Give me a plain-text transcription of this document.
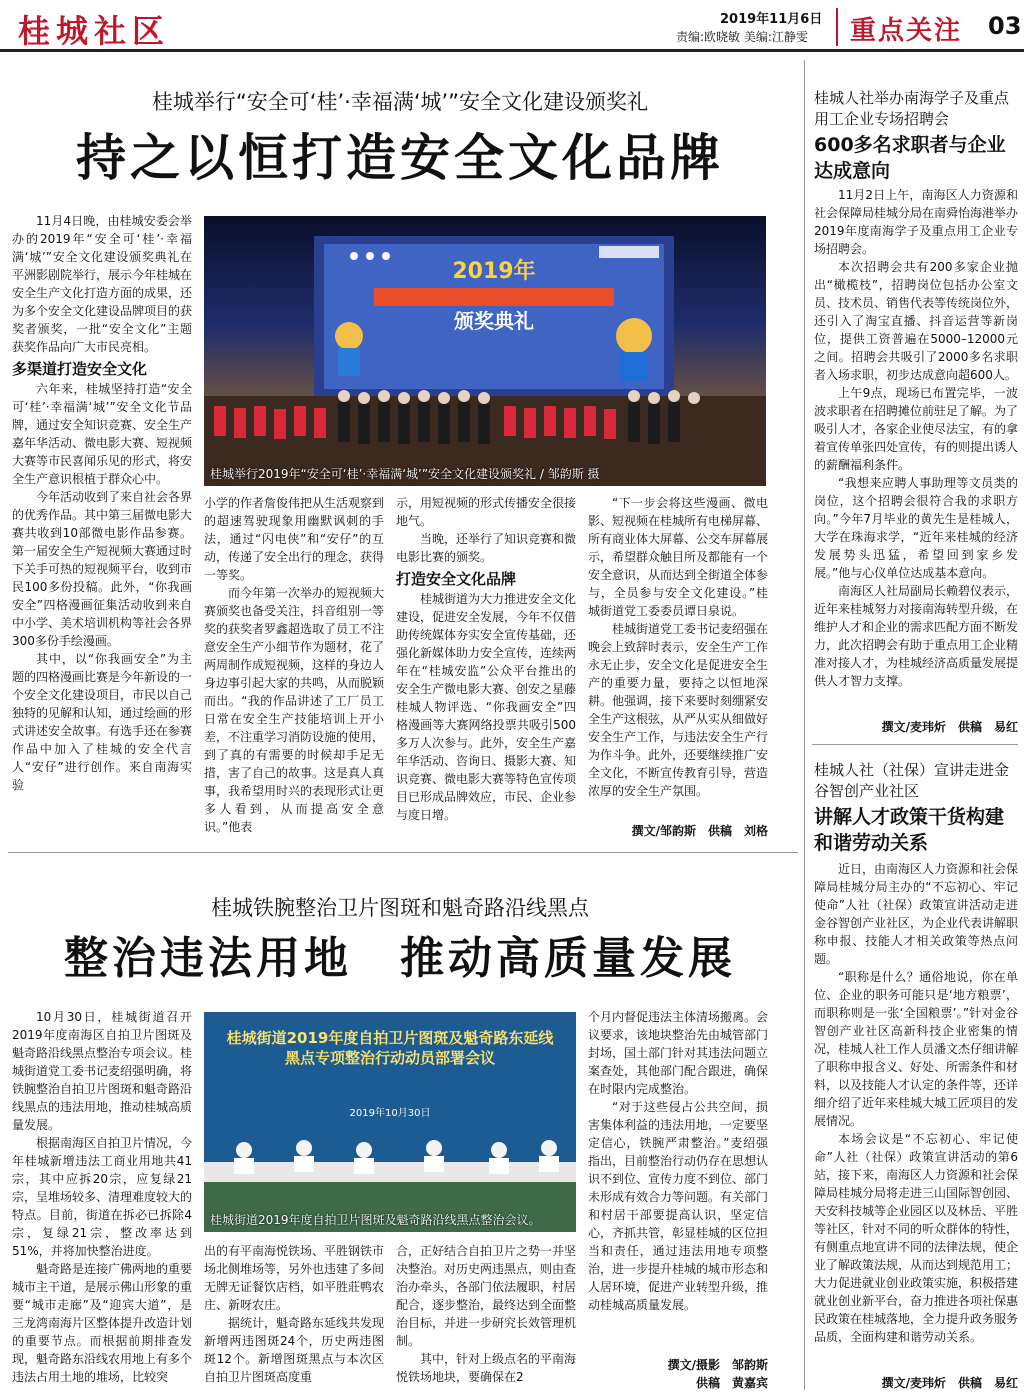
桂城社区	2019年11月6日
责编:欧晓敏 美编:江静雯 重点关注 03
桂城举行“安全可‘桂’·幸福满‘城’”安全文化建设颁奖礼
持之以恒打造安全文化品牌

11月4日晚，由桂城安委会举办的2019年“安全可‘桂’·幸福满‘城’”安全文化建设颁奖典礼在平洲影剧院举行，展示今年桂城在安全生产文化打造方面的成果，还为多个安全文化建设品牌项目的获奖者颁奖，一批“安全文化”主题获奖作品向广大市民亮相。

多渠道打造安全文化

六年来，桂城坚持打造“安全可‘桂’·幸福满‘城’”安全文化节品牌，通过安全知识竞赛、安全生产嘉年华活动、微电影大赛、短视频大赛等市民喜闻乐见的形式，将安全生产意识根植于群众心中。

今年活动收到了来自社会各界的优秀作品。其中第三届微电影大赛共收到10部微电影作品参赛。第一届安全生产短视频大赛通过时下关手可热的短视频平台，收到市民100多份投稿。此外，“你我画安全”四格漫画征集活动收到来自中小学、美术培训机构等社会各界300多份手绘漫画。

其中，以“你我画安全”为主题的四格漫画比赛是今年新设的一个安全文化建设项目，市民以自己独特的见解和认知，通过绘画的形式讲述安全故事。有选手还在参赛作品中加入了桂城的安全代言人“安仔”进行创作。来自南海实验

2019年
颁奖典礼
桂城举行2019年“安全可‘桂’·幸福满‘城’”安全文化建设颁奖礼 / 邹韵斯 摄

小学的作者詹俊伟把从生活观察到的超速驾驶现象用幽默讽刺的手法，通过“闪电侠”和“安仔”的互动，传递了安全出行的理念，获得一等奖。

而今年第一次举办的短视频大赛颁奖也备受关注，抖音组别一等奖的获奖者罗鑫超选取了员工不注意安全生产小细节作为题材，花了两周制作成短视频，这样的身边人身边事引起大家的共鸣，从而脱颖而出。“我的作品讲述了工厂员工日常在安全生产技能培训上开小差，不注重学习消防设施的使用，到了真的有需要的时候却手足无措，害了自己的故事。这是真人真事，我希望用时兴的表现形式让更多人看到，从而提高安全意识。”他表

示，用短视频的形式传播安全很接地气。

当晚，还举行了知识竞赛和微电影比赛的颁奖。

打造安全文化品牌

桂城街道为大力推进安全文化建设，促进安全发展，今年不仅借助传统媒体夯实安全宣传基础，还强化新媒体助力安全宣传，连续两年在“桂城安监”公众平台推出的安全生产微电影大赛、创安之星藤桂城人物评选、“你我画安全”四格漫画等大赛网络投票共吸引500多万人次参与。此外，安全生产嘉年华活动、咨询日、摄影大赛、知识竞赛、微电影大赛等特色宣传项目已形成品牌效应，市民、企业参与度日增。

“下一步会将这些漫画、微电影、短视频在桂城所有电梯屏幕、所有商业体大屏幕、公交车屏幕展示，希望群众触目所及都能有一个安全意识，从而达到全街道全体参与，全员参与安全文化建设。”桂城街道党工委委员谭日泉说。

桂城街道党工委书记麦绍强在晚会上致辞时表示，安全生产工作永无止步，安全文化是促进安全生产的重要力量，要持之以恒地深耕。他强调，接下来要时刻绷紧安全生产这根弦，从严从实从细做好安全生产工作，与违法安全生产行为作斗争。此外，还要继续推广安全文化，不断宣传教育引导，营造浓厚的安全生产氛围。

撰文/邹韵斯　供稿　刘格
桂城铁腕整治卫片图斑和魁奇路沿线黑点
整治违法用地　推动高质量发展

10月30日，桂城街道召开2019年度南海区自拍卫片图斑及魁奇路沿线黑点整治专项会议。桂城街道党工委书记麦绍强明确，将铁腕整治自拍卫片图斑和魁奇路沿线黑点的违法用地，推动桂城高质量发展。

根据南海区自拍卫片情况，今年桂城新增违法工商业用地共41宗，其中应拆20宗，应复绿21宗，呈堆场较多、清理难度较大的特点。目前，街道在拆必已拆除4宗，复绿21宗，整改率达到51%，并将加快整治进度。

魁奇路是连接广佛两地的重要城市主干道，是展示佛山形象的重要“城市走廊”及“迎宾大道”，是三龙湾南海片区整体提升改造计划的重要节点。而根据前期排查发现，魁奇路东沿线农用地上有多个违法占用土地的堆场，比较突

桂城街道2019年度自拍卫片图斑及魁奇路东延线黑点专项整治行动动员部署会议
2019年10月30日
桂城街道2019年度自拍卫片图斑及魁奇路沿线黑点整治会议。

出的有平南海悦铁场、平胜钢铁市场北侧堆场等，另外也违建了多间无牌无证餐饮店档，如平胜莊鸭农庄、新呀农庄。

据统计，魁奇路东延线共发现新增两违图斑24个，历史两违图斑12个。新增图斑黑点与本次区自拍卫片图斑高度重

合，正好结合自拍卫片之势一并坚决整治。对历史两违黑点，则由查治办牵头，各部门依法履职，村居配合，逐步整治，最终达到全面整治目标，并进一步研究长效管理机制。

其中，针对上级点名的平南海悦铁场地块，要确保在2

个月内督促违法主体清场搬离。会议要求，该地块整治先由城管部门封场，国土部门针对其违法问题立案查处，其他部门配合跟进，确保在时限内完成整治。

“对于这些侵占公共空间，损害集体利益的违法用地，一定要坚定信心，铁腕严肃整治。”麦绍强指出，目前整治行动仍存在思想认识不到位、宣传力度不到位、部门未形成有效合力等问题。有关部门和村居干部要提高认识，坚定信心，齐抓共管，彰显桂城的区位担当和责任，通过违法用地专项整治，进一步提升桂城的城市形态和人居环境，促进产业转型升级，推动桂城高质量发展。

撰文/摄影　邹韵斯
供稿　黄嘉宾
桂城人社举办南海学子及重点用工企业专场招聘会
600多名求职者与企业达成意向

11月2日上午，南海区人力资源和社会保障局桂城分局在南舜怡海港举办2019年度南海学子及重点用工企业专场招聘会。

本次招聘会共有200多家企业抛出“橄榄枝”，招聘岗位包括办公室文员、技术员、销售代表等传统岗位外，还引入了淘宝直播、抖音运营等新岗位，提供工资普遍在5000–12000元之间。招聘会共吸引了2000多名求职者入场求职，初步达成意向超600人。

上午9点，现场已布置完毕，一波波求职者在招聘摊位前驻足了解。为了吸引人才，各家企业使尽法宝，有的拿着宣传单张四处宣传，有的则提出诱人的薪酬福利条件。

“我想来应聘人事助理等文员类的岗位，这个招聘会很符合我的求职方向。”今年7月毕业的黄先生是桂城人，大学在珠海求学，“近年来桂城的经济发展势头迅猛，希望回到家乡发展。”他与心仪单位达成基本意向。

南海区人社局副局长赖碧仪表示，近年来桂城努力对接南海转型升级，在维护人才和企业的需求匹配方面不断发力，此次招聘会有助于重点用工企业精准对接人才，为桂城经济高质量发展提供人才智力支撑。

撰文/麦玮炘　供稿　易红
桂城人社（社保）宣讲走进金谷智创产业社区
讲解人才政策干货构建和谐劳动关系

近日，由南海区人力资源和社会保障局桂城分局主办的“不忘初心、牢记使命”人社（社保）政策宣讲活动走进金谷智创产业社区，为企业代表讲解职称申报、技能人才相关政策等热点问题。

“职称是什么？通俗地说，你在单位、企业的职务可能只是‘地方粮票’，而职称则是一张‘全国粮票’。”针对金谷智创产业社区高新科技企业密集的情况，桂城人社工作人员潘文杰仔细讲解了职称申报含义、好处、所需条件和材料，以及技能人才认定的条件等，还详细介绍了近年来桂城大城工匠项目的发展情况。

本场会议是“不忘初心、牢记使命”人社（社保）政策宣讲活动的第6站，接下来，南海区人力资源和社会保障局桂城分局将走进三山国际智创园、天安科技城等企业园区以及林岳、平胜等社区，针对不同的听众群体的特性，有侧重点地宣讲不同的法律法规，使企业了解政策法规，从而达到规范用工；大力促进就业创业政策实施，积极搭建就业创业新平台，奋力推进各项社保惠民政策在桂城落地，全力提升政务服务品质，全面构建和谐劳动关系。

撰文/麦玮炘　供稿　易红
